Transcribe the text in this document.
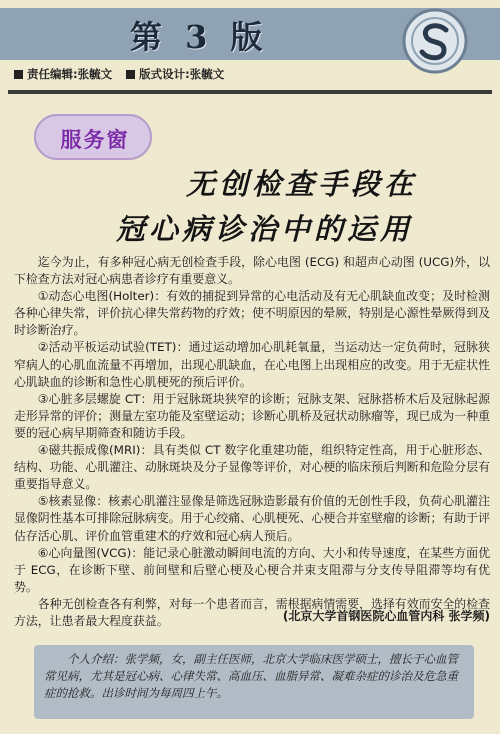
第 3 版
责任编辑:张毓文 版式设计:张毓文
服务窗
无创检查手段在
冠心病诊治中的运用

迄今为止，有多种冠心病无创检查手段，除心电图 (ECG) 和超声心动图 (UCG)外，以下检查方法对冠心病患者诊疗有重要意义。

①动态心电图(Holter)：有效的捕捉到异常的心电活动及有无心肌缺血改变；及时检测各种心律失常，评价抗心律失常药物的疗效；使不明原因的晕厥，特别是心源性晕厥得到及时诊断治疗。

②活动平板运动试验(TET)：通过运动增加心肌耗氧量，当运动达一定负荷时，冠脉狭窄病人的心肌血流量不再增加，出现心肌缺血，在心电图上出现相应的改变。用于无症状性心肌缺血的诊断和急性心肌梗死的预后评价。

③心脏多层螺旋 CT：用于冠脉斑块狭窄的诊断；冠脉支架、冠脉搭桥术后及冠脉起源走形异常的评价；测量左室功能及室壁运动；诊断心肌桥及冠状动脉瘤等，现已成为一种重要的冠心病早期筛查和随访手段。

④磁共振成像(MRI)：具有类似 CT 数字化重建功能，组织特定性高，用于心脏形态、结构、功能、心肌灌注、动脉斑块及分子显像等评价，对心梗的临床预后判断和危险分层有重要指导意义。

⑤核素显像：核素心肌灌注显像是筛选冠脉造影最有价值的无创性手段，负荷心肌灌注显像阴性基本可排除冠脉病变。用于心绞痛、心肌梗死、心梗合并室壁瘤的诊断；有助于评估存活心肌、评价血管重建术的疗效和冠心病人预后。

⑥心向量图(VCG)：能记录心脏激动瞬间电流的方向、大小和传导速度，在某些方面优于 ECG，在诊断下壁、前间壁和后壁心梗及心梗合并束支阻滞与分支传导阻滞等均有优势。

各种无创检查各有利弊，对每一个患者而言，需根据病情需要，选择有效而安全的检查方法，让患者最大程度获益。	(北京大学首钢医院心血管内科 张学频)
个人介绍：张学频，女，副主任医师，北京大学临床医学硕士，擅长于心血管常见病，尤其是冠心病、心律失常、高血压、血脂异常、凝难杂症的诊治及危急重症的抢救。出诊时间为每周四上午。
